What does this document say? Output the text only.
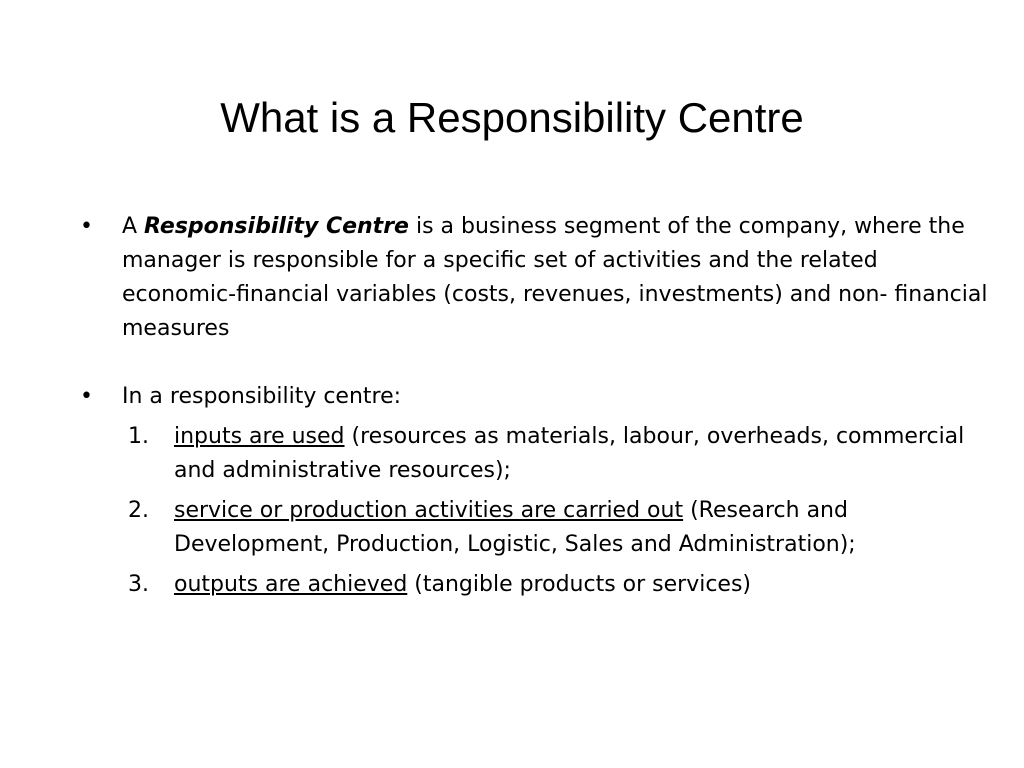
What is a Responsibility Centre
•	A Responsibility Centre is a business segment of the company, where the manager is responsible for a specific set of activities and the related economic-financial variables (costs, revenues, investments) and non- financial measures
•	In a responsibility centre:
1.	inputs are used (resources as materials, labour, overheads, commercial and administrative resources);
2.	service or production activities are carried out (Research and Development, Production, Logistic, Sales and Administration);
3.	outputs are achieved (tangible products or services)
